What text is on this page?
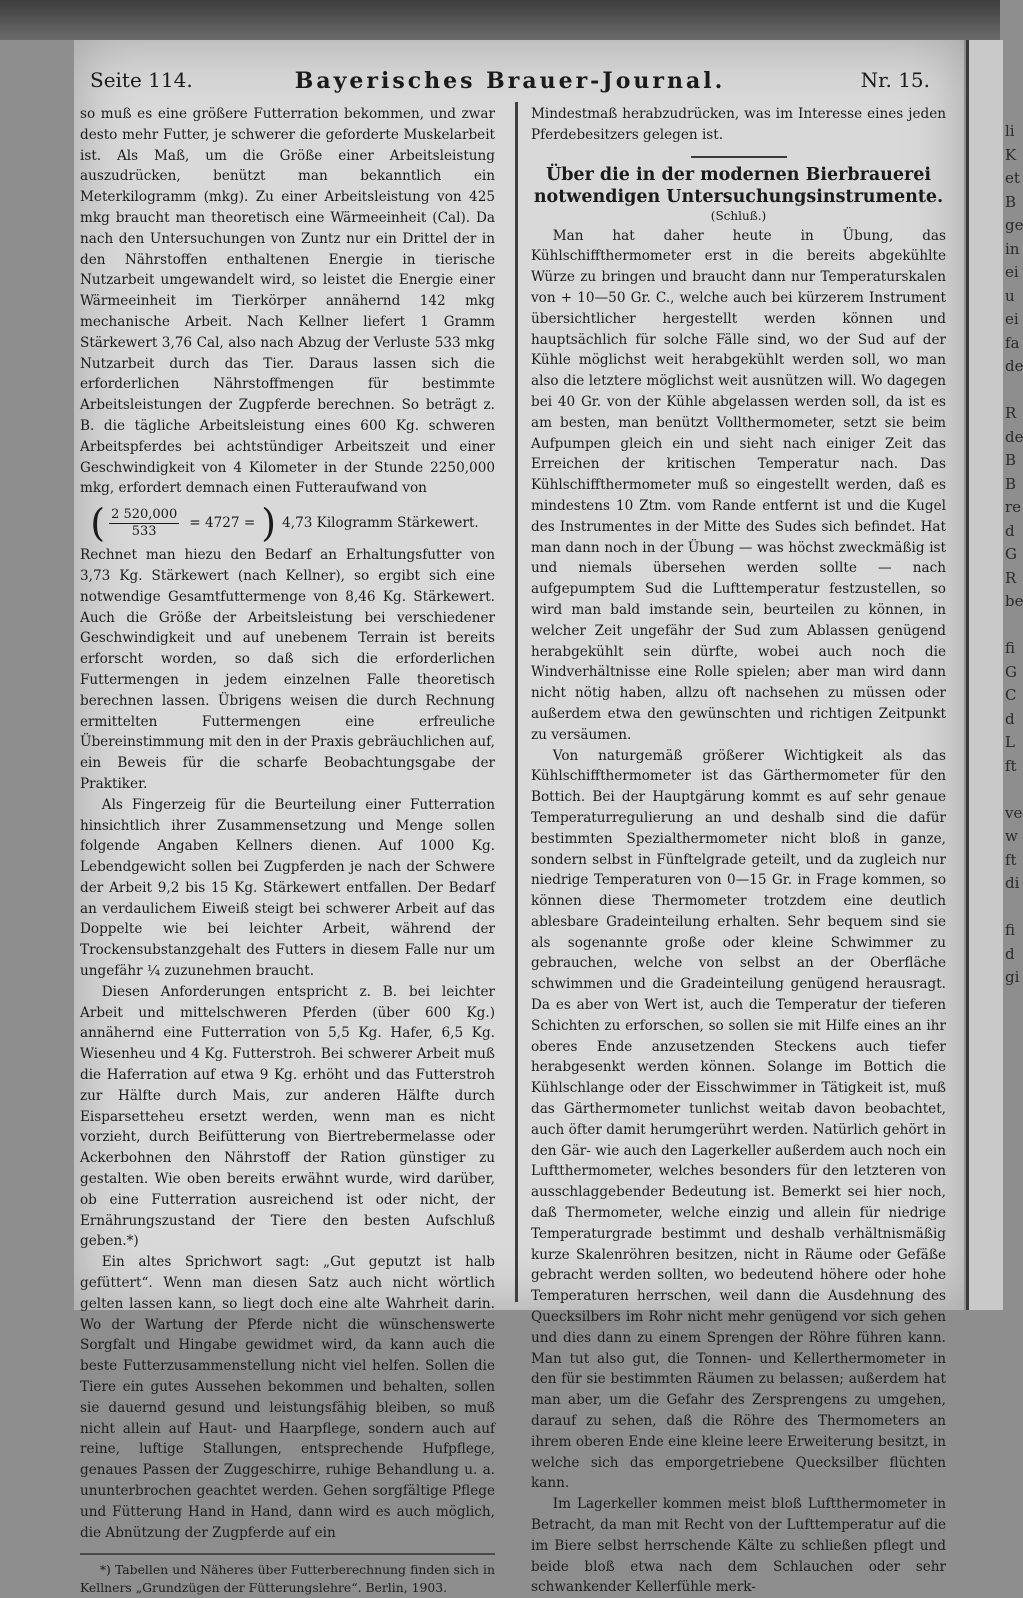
li
K
et
B
ge
in
ei
u
ei
fa
de

R
de
B
B
re
d
G
R
be

fi
G
C
d
L
ft

ve
w
ft
di

fi
d
gi
Seite 114.	Bayerisches Brauer-Journal.	Nr. 15.

so muß es eine größere Futterration bekommen, und zwar desto mehr Futter, je schwerer die geforderte Muskelarbeit ist. Als Maß, um die Größe einer Arbeitsleistung auszudrücken, benützt man bekanntlich ein Meterkilogramm (mkg). Zu einer Arbeitsleistung von 425 mkg braucht man theoretisch eine Wärmeeinheit (Cal). Da nach den Untersuchungen von Zuntz nur ein Drittel der in den Nährstoffen enthaltenen Energie in tierische Nutzarbeit umgewandelt wird, so leistet die Energie einer Wärmeeinheit im Tierkörper annähernd 142 mkg mechanische Arbeit. Nach Kellner liefert 1 Gramm Stärkewert 3,76 Cal, also nach Abzug der Verluste 533 mkg Nutzarbeit durch das Tier. Daraus lassen sich die erforderlichen Nährstoffmengen für bestimmte Arbeitsleistungen der Zugpferde berechnen. So beträgt z. B. die tägliche Arbeitsleistung eines 600 Kg. schweren Arbeitspferdes bei achtstündiger Arbeitszeit und einer Geschwindigkeit von 4 Kilometer in der Stunde 2250,000 mkg, erfordert demnach einen Futteraufwand von

( $\frac{2 520,000}{533} = 4727$ = ) 4,73 Kilogramm Stärkewert.

Rechnet man hiezu den Bedarf an Erhaltungsfutter von 3,73 Kg. Stärkewert (nach Kellner), so ergibt sich eine notwendige Gesamtfuttermenge von 8,46 Kg. Stärkewert. Auch die Größe der Arbeitsleistung bei verschiedener Geschwindigkeit und auf unebenem Terrain ist bereits erforscht worden, so daß sich die erforderlichen Futtermengen in jedem einzelnen Falle theoretisch berechnen lassen. Übrigens weisen die durch Rechnung ermittelten Futtermengen eine erfreuliche Übereinstimmung mit den in der Praxis gebräuchlichen auf, ein Beweis für die scharfe Beobachtungsgabe der Praktiker.

Als Fingerzeig für die Beurteilung einer Futterration hinsichtlich ihrer Zusammensetzung und Menge sollen folgende Angaben Kellners dienen. Auf 1000 Kg. Lebendgewicht sollen bei Zugpferden je nach der Schwere der Arbeit 9,2 bis 15 Kg. Stärkewert entfallen. Der Bedarf an verdaulichem Eiweiß steigt bei schwerer Arbeit auf das Doppelte wie bei leichter Arbeit, während der Trockensubstanzgehalt des Futters in diesem Falle nur um ungefähr ¼ zuzunehmen braucht.

Diesen Anforderungen entspricht z. B. bei leichter Arbeit und mittelschweren Pferden (über 600 Kg.) annähernd eine Futterration von 5,5 Kg. Hafer, 6,5 Kg. Wiesenheu und 4 Kg. Futterstroh. Bei schwerer Arbeit muß die Haferration auf etwa 9 Kg. erhöht und das Futterstroh zur Hälfte durch Mais, zur anderen Hälfte durch Eisparsetteheu ersetzt werden, wenn man es nicht vorzieht, durch Beifütterung von Biertrebermelasse oder Ackerbohnen den Nährstoff der Ration günstiger zu gestalten. Wie oben bereits erwähnt wurde, wird darüber, ob eine Futterration ausreichend ist oder nicht, der Ernährungszustand der Tiere den besten Aufschluß geben.*)

Ein altes Sprichwort sagt: „Gut geputzt ist halb gefüttert“. Wenn man diesen Satz auch nicht wörtlich gelten lassen kann, so liegt doch eine alte Wahrheit darin. Wo der Wartung der Pferde nicht die wünschenswerte Sorgfalt und Hingabe gewidmet wird, da kann auch die beste Futterzusammenstellung nicht viel helfen. Sollen die Tiere ein gutes Aussehen bekommen und behalten, sollen sie dauernd gesund und leistungsfähig bleiben, so muß nicht allein auf Haut- und Haarpflege, sondern auch auf reine, luftige Stallungen, entsprechende Hufpflege, genaues Passen der Zuggeschirre, ruhige Behandlung u. a. ununterbrochen geachtet werden. Gehen sorgfältige Pflege und Fütterung Hand in Hand, dann wird es auch möglich, die Abnützung der Zugpferde auf ein

*) Tabellen und Näheres über Futterberechnung finden sich in Kellners „Grundzügen der Fütterungslehre“. Berlin, 1903.

Mindestmaß herabzudrücken, was im Interesse eines jeden Pferdebesitzers gelegen ist.

Über die in der modernen Bierbrauerei notwendigen Untersuchungsinstrumente.
(Schluß.)

Man hat daher heute in Übung, das Kühlschiffthermometer erst in die bereits abgekühlte Würze zu bringen und braucht dann nur Temperaturskalen von + 10—50 Gr. C., welche auch bei kürzerem Instrument übersichtlicher hergestellt werden können und hauptsächlich für solche Fälle sind, wo der Sud auf der Kühle möglichst weit herabgekühlt werden soll, wo man also die letztere möglichst weit ausnützen will. Wo dagegen bei 40 Gr. von der Kühle abgelassen werden soll, da ist es am besten, man benützt Vollthermometer, setzt sie beim Aufpumpen gleich ein und sieht nach einiger Zeit das Erreichen der kritischen Temperatur nach. Das Kühlschiffthermometer muß so eingestellt werden, daß es mindestens 10 Ztm. vom Rande entfernt ist und die Kugel des Instrumentes in der Mitte des Sudes sich befindet. Hat man dann noch in der Übung — was höchst zweckmäßig ist und niemals übersehen werden sollte — nach aufgepumptem Sud die Lufttemperatur festzustellen, so wird man bald imstande sein, beurteilen zu können, in welcher Zeit ungefähr der Sud zum Ablassen genügend herabgekühlt sein dürfte, wobei auch noch die Windverhältnisse eine Rolle spielen; aber man wird dann nicht nötig haben, allzu oft nachsehen zu müssen oder außerdem etwa den gewünschten und richtigen Zeitpunkt zu versäumen.

Von naturgemäß größerer Wichtigkeit als das Kühlschiffthermometer ist das Gärthermometer für den Bottich. Bei der Hauptgärung kommt es auf sehr genaue Temperaturregulierung an und deshalb sind die dafür bestimmten Spezialthermometer nicht bloß in ganze, sondern selbst in Fünftelgrade geteilt, und da zugleich nur niedrige Temperaturen von 0—15 Gr. in Frage kommen, so können diese Thermometer trotzdem eine deutlich ablesbare Gradeinteilung erhalten. Sehr bequem sind sie als sogenannte große oder kleine Schwimmer zu gebrauchen, welche von selbst an der Oberfläche schwimmen und die Gradeinteilung genügend herausragt. Da es aber von Wert ist, auch die Temperatur der tieferen Schichten zu erforschen, so sollen sie mit Hilfe eines an ihr oberes Ende anzusetzenden Steckens auch tiefer herabgesenkt werden können. Solange im Bottich die Kühlschlange oder der Eisschwimmer in Tätigkeit ist, muß das Gärthermometer tunlichst weitab davon beobachtet, auch öfter damit herumgerührt werden. Natürlich gehört in den Gär- wie auch den Lagerkeller außerdem auch noch ein Luftthermometer, welches besonders für den letzteren von ausschlaggebender Bedeutung ist. Bemerkt sei hier noch, daß Thermometer, welche einzig und allein für niedrige Temperaturgrade bestimmt und deshalb verhältnismäßig kurze Skalenröhren besitzen, nicht in Räume oder Gefäße gebracht werden sollten, wo bedeutend höhere oder hohe Temperaturen herrschen, weil dann die Ausdehnung des Quecksilbers im Rohr nicht mehr genügend vor sich gehen und dies dann zu einem Sprengen der Röhre führen kann. Man tut also gut, die Tonnen- und Kellerthermometer in den für sie bestimmten Räumen zu belassen; außerdem hat man aber, um die Gefahr des Zersprengens zu umgehen, darauf zu sehen, daß die Röhre des Thermometers an ihrem oberen Ende eine kleine leere Erweiterung besitzt, in welche sich das emporgetriebene Quecksilber flüchten kann.

Im Lagerkeller kommen meist bloß Luftthermometer in Betracht, da man mit Recht von der Lufttemperatur auf die im Biere selbst herrschende Kälte zu schließen pflegt und beide bloß etwa nach dem Schlauchen oder sehr schwankender Kellerfühle merk-
